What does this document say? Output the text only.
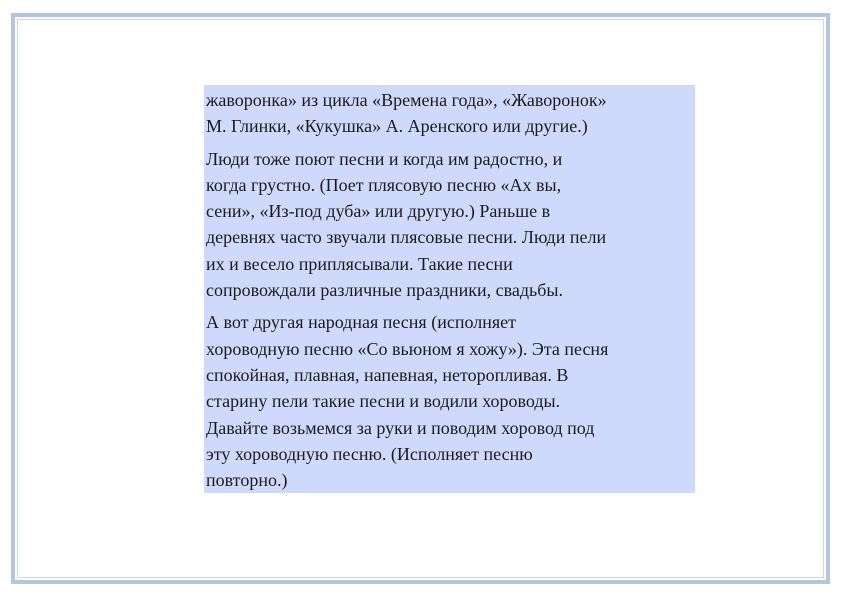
жаворонка» из цикла «Времена года», «Жаворонок»
М. Глинки, «Кукушка» А. Аренского или другие.)

Люди тоже поют песни и когда им радостно, и
когда грустно. (Поет плясовую песню «Ах вы,
сени», «Из-под дуба» или другую.) Раньше в
деревнях часто звучали плясовые песни. Люди пели
их и весело приплясывали. Такие песни
сопровождали различные праздники, свадьбы.

А вот другая народная песня (исполняет
хороводную песню «Со вьюном я хожу»). Эта песня
спокойная, плавная, напевная, неторопливая. В
старину пели такие песни и водили хороводы.
Давайте возьмемся за руки и поводим хоровод под
эту хороводную песню. (Исполняет песню
повторно.)
